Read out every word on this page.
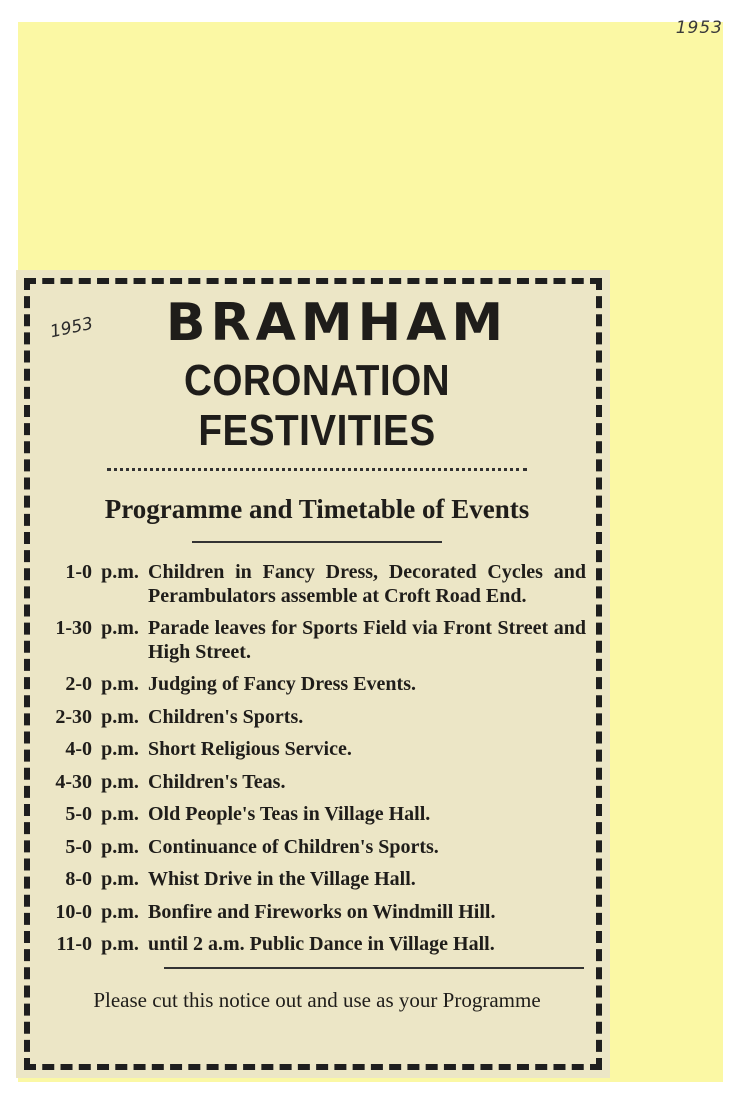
1953
1953	BRAMHAM
CORONATION FESTIVITIES
Programme and Timetable of Events
1-0 p.m. Children in Fancy Dress, Decorated Cycles and Perambulators assemble at Croft Road End.
1-30 p.m. Parade leaves for Sports Field via Front Street and High Street.
2-0 p.m. Judging of Fancy Dress Events.
2-30 p.m. Children's Sports.
4-0 p.m. Short Religious Service.
4-30 p.m. Children's Teas.
5-0 p.m. Old People's Teas in Village Hall.
5-0 p.m. Continuance of Children's Sports.
8-0 p.m. Whist Drive in the Village Hall.
10-0 p.m. Bonfire and Fireworks on Windmill Hill.
11-0 p.m. until 2 a.m. Public Dance in Village Hall.
Please cut this notice out and use as your Programme
